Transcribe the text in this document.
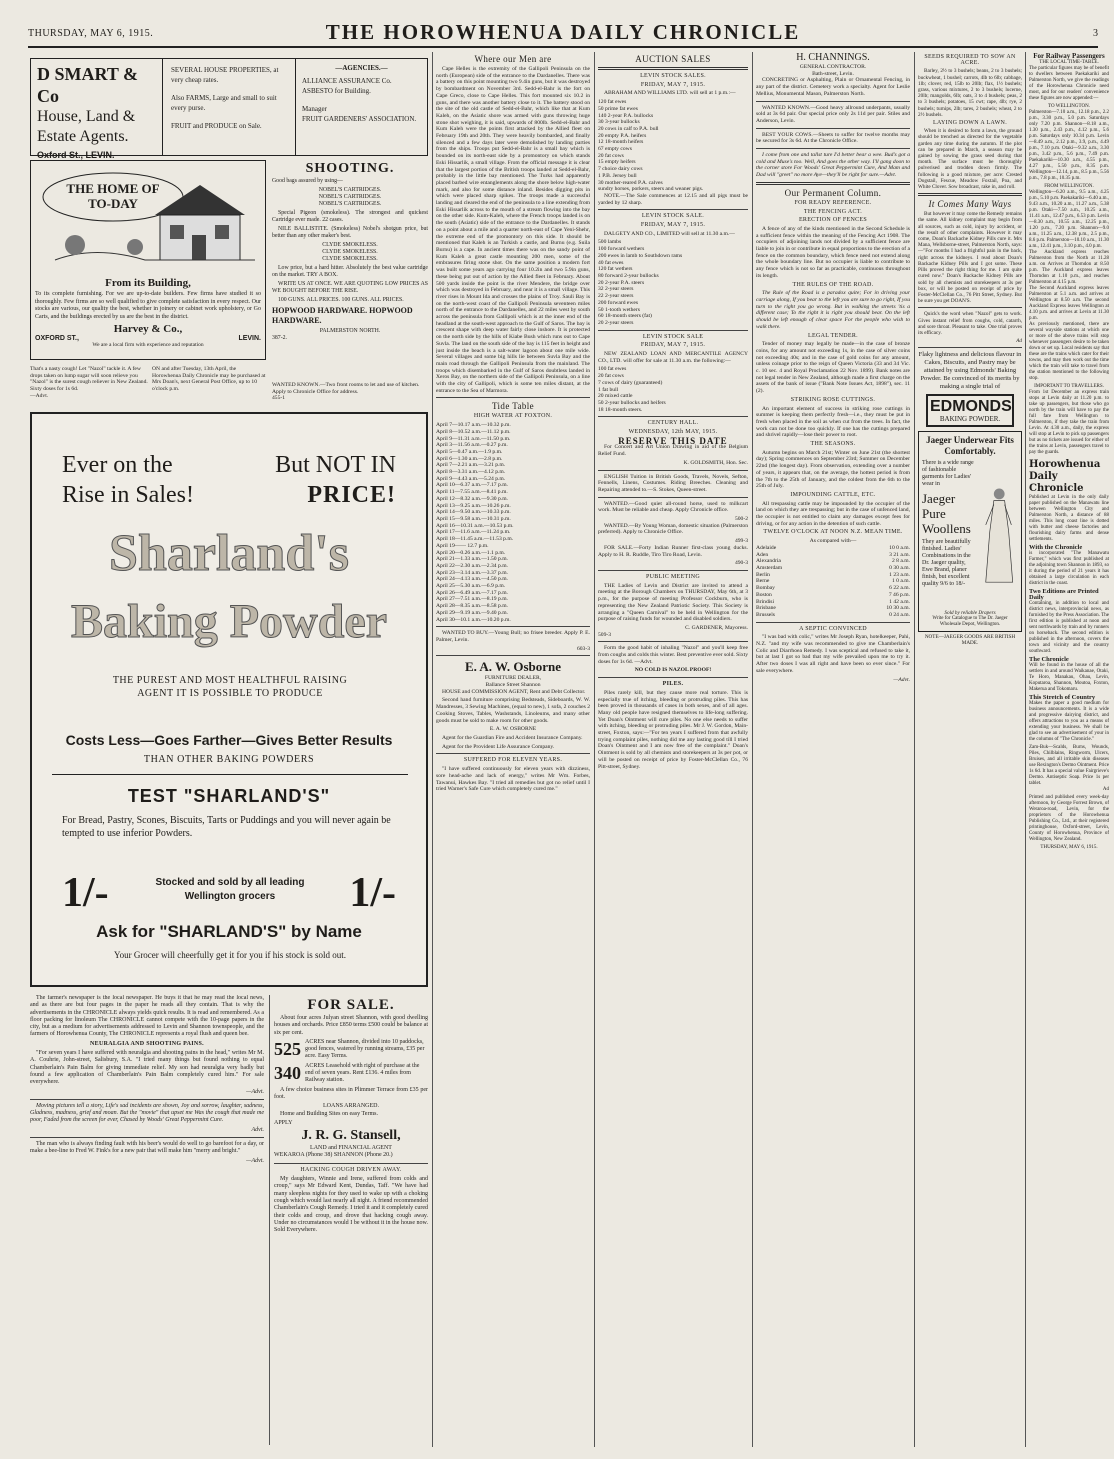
THURSDAY, MAY 6, 1915.	THE HOROWHENUA DAILY CHRONICLE	3
D SMART & Co
House, Land &
Estate Agents.
Oxford St., LEVIN.
SEVERAL HOUSE PROPERTIES, at very cheap rates.
Also FARMS, Large and small to suit every purse.
FRUIT and PRODUCE on Sale.
—AGENCIES.—
ALLIANCE ASSURANCE Co.
ASBESTO for Building.
Manager
FRUIT GARDENERS' ASSOCIATION.
THE HOME OF TO-DAY
From its Building,
To its complete furnishing. For we are up-to-date builders. Few firms have studied it so thoroughly. Few firms are so well qualified to give complete satisfaction in every respect. Our stocks are various, our quality the best, whether in joinery or cabinet work upholstery, or Go Carts, and the buildings erected by us are the best in the district.
Harvey & Co.,
OXFORD ST.,	LEVIN.
We are a local firm with experience and reputation
SHOOTING.
Good bags assured by using—
NOBEL'S CARTRIDGES.
NOBEL'S CARTRIDGES.
NOBEL'S CARTRIDGES.
Special Pigeon (smokeless). The strongest and quickest Cartridge ever made. 22 cases.
NILE BALLISTITE. (Smokeless) Nobel's shotgun price, but better than any other maker's best.
CLYDE SMOKELESS.
CLYDE SMOKELESS.
CLYDE SMOKELESS.
Low price, but a hard hitter. Absolutely the best value cartridge on the market. TRY A BOX.
WRITE US AT ONCE. WE ARE QUOTING LOW PRICES AS WE BOUGHT BEFORE THE RISE.
100 GUNS. ALL PRICES. 100 GUNS. ALL PRICES.
HOPWOOD HARDWARE. HOPWOOD HARDWARE.
PALMERSTON NORTH.
387-2.
That's a nasty cough! Let "Nazol" tackle it. A few drops taken on lump sugar will soon relieve you "Nazol" is the surest cough reliever in New Zealand. Sixty doses for 1s 6d.
—Advt.
ON and after Tuesday, 13th April, the Horowhenua Daily Chronicle may be purchased at Mrs Doan's, next General Post Office, up to 10 o'clock p.m.
WANTED KNOWN.—Two front rooms to let and use of kitchen. Apply to Chronicle Office for address.
455-1
Ever on the
Rise in Sales!
But NOT IN
PRICE!
Sharland's
Baking Powder
THE PUREST AND MOST HEALTHFUL RAISING AGENT IT IS POSSIBLE TO PRODUCE
Costs Less—Goes Farther—Gives Better Results
THAN OTHER BAKING POWDERS
TEST "SHARLAND'S"
For Bread, Pastry, Scones, Biscuits, Tarts or Puddings and you will never again be tempted to use inferior Powders.
1/-	1/-
Stocked and sold by all leading Wellington grocers
Ask for "SHARLAND'S" by Name
Your Grocer will cheerfully get it for you if his stock is sold out.
The farmer's newspaper is the local newspaper. He buys it that he may read the local news, and as there are but four pages in the paper he reads all they contain. That is why the advertisements in the CHRONICLE always yields quick results. It is read and remembered. As a floor packing for linoleum The CHRONICLE cannot compete with the 10-page papers in the city, but as a medium for advertisements addressed to Levin and Shannon townspeople, and the farmers of Horowhenua County, The CHRONICLE represents a royal flush and queen bee.
NEURALGIA AND SHOOTING PAINS.
"For seven years I have suffered with neuralgia and shooting pains in the head," writes Mr M. A. Couhrie, John-street, Salisbury, S.A. "I tried many things but found nothing to equal Chamberlain's Pain Balm for giving immediate relief. My son had neuralgia very badly but found a few application of Chamberlain's Pain Balm completely cured him." For sale everywhere.
—Advt.
Moving pictures tell a story, Life's sad incidents are shown, Joy and sorrow, laughter, sadness, Gladness, madness, grief and moan. But the "movie" that upset me Was the cough that made me poor, Faded from the screen for ever, Chased by Woods' Great Peppermint Cure.
Advt.
The man who is always finding fault with his beer's would do well to go barefoot for a day, or make a bee-line to Fred W. Fink's for a new pair that will make him "merry and bright."
—Advt.
FOR SALE.
About four acres Julyan street Shannon, with good dwelling houses and orchards. Price £850 terms £500 could be balance at six per cent.
525 ACRES near Shannon, divided into 10 paddocks, good fences, watered by running streams, £35 per acre. Easy Terms.
340 ACRES Leasehold with right of purchase at the end of seven years. Rent £136. 4 miles from Railway station.
A few choice business sites in Plimmer Terrace from £35 per foot.
LOANS ARRANGED.
Home and Building Sites on easy Terms.
APPLY
J. R. G. Stansell,
LAND and FINANCIAL AGENT
WEKAROA (Phone 38) SHANNON (Phone 20.)
HACKING COUGH DRIVEN AWAY.
My daughters, Winnie and Irene, suffered from colds and croup," says Mr Edward Kent, Dundas, Taff. "We have had many sleepless nights for they used to wake up with a choking cough which would last nearly all night. A friend recommended Chamberlain's Cough Remedy. I tried it and it completely cured their colds and croup, and drove that hacking cough away. Under no circumstances would I be without it in the house now. Sold Everywhere.
Where our Men are
Cape Helles is the extremity of the Gallipoli Peninsula on the north (European) side of the entrance to the Dardanelles. There was a battery on this point mounting two 9.4in guns, but it was destroyed by bombardment on November 3rd. Sedd-el-Bahr is the fort on Cape Greco, close to Cape Helles. This fort mounted six 10.2 in guns, and there was another battery close to it. The battery stood on the site of the old castle of Sedd-el-Bahr, which like that at Kum Kaleh, on the Asiatic shore was armed with guns throwing huge stone shot weighing, it is said, upwards of 800lb. Sedd-el-Bahr and Kum Kaleh were the points first attacked by the Allied fleet on February 19th and 20th. They were heavily bombarded, and finally silenced and a few days later were demolished by landing parties from the ships. Troops put Sedd-el-Bahr is a small bay which is bounded on its north-east side by a promontory on which stands Eski Hissarlik, a small village. From the official message it is clear that the largest portion of the British troops landed at Sedd-el-Bahr, probably in the little bay mentioned. The Turks had apparently placed barbed wire entanglements along the shore below high-water mark, and also for some distance inland. Besides digging pits in which were placed sharp spikes. The troops made a successful landing and cleared the end of the peninsula to a line extending from Eski Hissarlik across to the mouth of a stream flowing into the bay on the other side. Kum-Kaleh, where the French troops landed is on the south (Asiatic) side of the entrance to the Dardanelles. It stands on a point about a mile and a quarter north-east of Cape Yeni-Shehr, the extreme end of the promontory on this side. It should be mentioned that Kaleh is an Turkish a castle, and Burnu (e.g. Suila Burnu) is a cape. In ancient times there was on the sandy point of Kum Kaleh a great castle mounting 200 men, some of the embrasures firing stone shot. On the same position a modern fort was built some years ago carrying four 10.2in and two 5.9in guns, these being put out of action by the Allied fleet in February. About 500 yards inside the point is the river Mendere, the bridge over which was destroyed in February, and near it is a small village. This river rises in Mount Ida and crosses the plains of Troy. Sauli Bay is on the north-west coast of the Gallipoli Peninsula seventeen miles north of the entrance to the Dardanelles, and 22 miles west by south across the peninsula from Gallipoli which is at the inner end of the headland at the south-west approach to the Gulf of Saros. The bay is crescent shape with deep water fairly close inshore. It is protected on the north side by the hills of Kiabe Bush which runs out to Cape Suvla. The land on the south side of the bay is 115 feet in height and just inside the beach is a salt-water lagoon about one mile wide. Several villages and some big hills lie between Suvla Bay and the main road through the Gallipoli Peninsula from the mainland. The troops which disembarked in the Gulf of Saros doubtless landed in Xeros Bay, on the northern side of the Gallipoli Peninsula, on a line with the city of Gallipoli, which is some ten miles distant, at the entrance to the Sea of Marmora.
Tide Table
HIGH WATER AT FOXTON.
April 7—10.17 a.m.—10.32 p.m.
April 8—10.52 a.m.—11.12 p.m.
April 9—11.31 a.m.—11.50 p.m.
April 3—11.56 a.m.—0.27 p.m.
April 5—0.47 a.m.—1.9 p.m.
April 6—1.30 a.m.—2.8 p.m.
April 7—2.21 a.m.—3.21 p.m.
April 8—3.31 a.m.—4.12 p.m.
April 9—4.43 a.m.—5.24 p.m.
April 10—6.37 a.m.—7.17 p.m.
April 11—7.55 a.m.—8.41 p.m.
April 12—8.32 a.m.—9.30 p.m.
April 13—9.25 a.m.—10.26 p.m.
April 14—9.50 a.m.—10.33 p.m.
April 15—9.58 a.m.—10.31 p.m.
April 16—10.31 a.m.—10.53 p.m.
April 17—11.6 a.m.—11.24 p.m.
April 18—11.45 a.m.—11.53 p.m.
April 19—— 12.7 p.m.
April 20—0.26 a.m.—1.1 p.m.
April 21—1.33 a.m.—1.50 p.m.
April 22—2.30 a.m.—2.34 p.m.
April 23—3.14 a.m.—3.37 p.m.
April 24—4.13 a.m.—4.50 p.m.
April 25—5.30 a.m.—6.9 p.m.
April 26—6.49 a.m.—7.17 p.m.
April 27—7.51 a.m.—8.19 p.m.
April 28—8.35 a.m.—8.58 p.m.
April 29—9.19 a.m.—9.40 p.m.
April 30—10.1 a.m.—10.20 p.m.
WANTED TO BUY.—Young Bull; no frisee breeder. Apply P. E. Palmer, Levin.
603-3
E. A. W. Osborne
FURNITURE DEALER,
Ballance Street Shannon
HOUSE and COMMISSION AGENT, Rent and Debt Collector.
Second hand furniture comprising Bedsteads, Sideboards, W. W. Mandresses, 3 Sewing Machines, (equal to new), 1 sofa, 2 couches 2 Cooking Stoves, Tables, Washstands, Linoleums, and many other goods must be sold to make room for other goods.
E. A. W. OSBORNE
Agent for the Guardian Fire and Accident Insurance Company.
Agent for the Provident Life Assurance Company.
SUFFERED FOR ELEVEN YEARS.
"I have suffered continuously for eleven years with dizziness, sore head-ache and lack of energy," writes Mr Wm. Forbes, Tawanui, Hawkes Bay. "I tried all remedies but got no relief until I tried Warner's Safe Cure which completely cured me."
AUCTION SALES
LEVIN STOCK SALES.
FRIDAY, MAY 7, 1915.
ABRAHAM AND WILLIAMS LTD. will sell at 1 p.m.:—
120 fat ewes
50 prime fat ewes
140 2-year P.A. bullocks
30 3-year bullocks
20 cows in calf to P.A. bull
20 empty P.A. heifers
12 18-month heifers
67 empty cows
20 fat cows
15 empty heifers
7 choice dairy cows
1 P.B. Jersey bull
30 mother-reared P.A. calves
sundry horses, porkers, steers and weaner pigs.
NOTE.—The Sale commences at 12.15 and all pigs must be yarded by 12 sharp.
LEVIN STOCK SALE.
FRIDAY, MAY 7, 1915.
DALGETY AND CO., LIMITED will sell at 11.30 a.m.—
500 lambs
100 forward wethers
200 ewes in lamb to Southdown rams
40 fat ewes
120 fat wethers
80 forward 2-year bullocks
20 2-year P.A. steers
32 2-year steers
22 2-year steers
200 forward ewes
50 1-tooth wethers
60 18-month steers (fat)
20 2-year steers
LEVIN STOCK SALE
FRIDAY, MAY 7, 1915.
NEW ZEALAND LOAN AND MERCANTILE AGENCY CO., LTD. will offer for sale at 11.30 a.m. the following:—
100 fat ewes
20 fat cows
7 cows of dairy (guaranteed)
1 fat bull
20 mixed cattle
50 2-year bullocks and heifers
18 18-month steers.
CENTURY HALL.
WEDNESDAY, 12th MAY, 1915.
RESERVE THIS DATE
For Concert and Art Union Drawing in aid of the Belgium Relief Fund.
K. GOLDSMITH, Hon. Sec.
ENGLISH Tuition in British Goods, Travels, Novels, Sefton, Fennells, Linens, Costumes. Riding Breeches. Cleaning and Repairing attended to.—S. Stokes, Queen-street.
WANTED.—Good quiet all-round horse, used to milkcart work. Must be reliable and cheap. Apply Chronicle office.
500-2
WANTED.—By Young Woman, domestic situation (Palmerston preferred). Apply to Chronicle Office.
499-3
FOR SALE.—Forty Indian Runner first-class young ducks. Apply to H. R. Ruddle, Tiro Tiro Road, Levin.
490-3
PUBLIC MEETING
THE Ladies of Levin and District are invited to attend a meeting at the Borough Chambers on THURSDAY, May 6th, at 3 p.m., for the purpose of meeting Professor Cockburn, who is representing the New Zealand Patriotic Society. This Society is arranging a "Queen Carnival" to be held in Wellington for the purpose of raising funds for wounded and disabled soldiers.
C. GARDENER, Mayoress.
509-3
Form the good habit of inhaling "Nazol" and you'll keep free from coughs and colds this winter. Best preventive ever sold. Sixty doses for 1s 6d. —Advt.
NO COLD IS NAZOL PROOF!
PILES.
Piles rarely kill, but they cause more real torture. This is especially true of itching, bleeding or protruding piles. This has been proved in thousands of cases in both sexes, and of all ages. Many old people have resigned themselves to life-long suffering. Yet Doan's Ointment will cure piles. No one else needs to suffer with itching, bleeding or protruding piles. Mr J. W. Gordon, Main-street, Foxton, says:—"For ten years I suffered from that awfully trying complaint piles, nothing did me any lasting good till I tried Doan's Ointment and I am now free of the complaint." Doan's Ointment is sold by all chemists and storekeepers at 3s per pot, or will be posted on receipt of price by Foster-McClellan Co., 76 Pitt-street, Sydney.
H. CHANNINGS.
GENERAL CONTRACTOR.
Bath-street, Levin.
CONCRETING or Asphalting, Plain or Ornamental Fencing, in any part of the district. Cemetery work a specialty. Agent for Leslie Mellius, Monumental Mason, Palmerston North.
WANTED KNOWN.—Good heavy allround underpants, usually sold at 3s 6d pair. Our special price only 2s 11d per pair. Stiles and Anderson, Levin.
BEST YOUR COWS.—Sheets to suffer for twelve months may be secured for 3s 6d. At the Chronicle Office.
I come from one and tallst ture I'd better bear a wee. Bud's got a cold and Muse's too. Well, And goes the other way. I'll gang doon to the corner store For Woods' Great Peppermint Cure, And Mam and Dad will "greet" no more Aye—they'll be right for sure.—Advt.
Our Permanent Column.
FOR READY REFERENCE.
THE FENCING ACT.
ERECTION OF FENCES
A fence of any of the kinds mentioned in the Second Schedule is a sufficient fence within the meaning of the Fencing Act 1908. The occupiers of adjoining lands not divided by a sufficient fence are liable to join in or contribute in equal proportions to the erection of a fence on the common boundary, which fence need not extend along the whole boundary line. But no occupier is liable to contribute to any fence which is not so far as practicable, continuous throughout its length.
THE RULES OF THE ROAD.
The Rule of the Road is a paradox quite; For in driving your carriage along, If you bear to the left you are sure to go right, If you turn to the right you go wrong. But in walking the streets 'tis a different case; To the right it is right you should bear. On the left should be left enough of clear space For the people who wish to walk there.
LEGAL TENDER.
Tender of money may legally be made—in the case of bronze coins, for any amount not exceeding 1s, in the case of silver coins not exceeding 40s; and in the case of gold coins for any amount, unless coinage prior to the reign of Queen Victoria (33 and 34 Vic. c. 10 sec. 4 and Royal Proclamation 22 Nov. 1899). Bank notes are not legal tender in New Zealand, although made a first charge on the assets of the bank of issue ("Bank Note Issues Act, 1898"), sec. 11 (2).
STRIKING ROSE CUTTINGS.
An important element of success in striking rose cuttings in summer is keeping them perfectly fresh—i.e., they must be put in fresh when placed in the soil as when cut from the trees. In fact, the work can not be done too quickly. If one has the cuttings prepared and shrivel rapidly—lose their power to root.
THE SEASONS.
Autumn begins on March 21st; Winter on June 21st (the shortest day); Spring commences on September 23rd; Summer on December 22nd (the longest day). From observation, extending over a number of years, it appears that, on the average, the hottest period is from the 7th to the 25th of January, and the coldest from the 6th to the 25th of July.
IMPOUNDING CATTLE, ETC.
All trespassing cattle may be impounded by the occupier of the land on which they are trespassing; but in the case of unfenced land, the occupier is not entitled to claim any damages except fees for driving, or for any action in the detention of such cattle.
TWELVE O'CLOCK AT NOON N.Z. MEAN TIME.
As compared with—
Adelaide	10 0 a.m.
Aden	3 21 a.m.
Alexandria	2 8 a.m.
Amsterdam	0 30 a.m.
Berlin	1 23 a.m.
Berne	1 0 a.m.
Bombay	6 22 a.m.
Boston	7 46 p.m.
Brindisi	1 42 a.m.
Brisbane	10 30 a.m.
Brussels	0 24 a.m.
A SEPTIC CONVINCED
"I was bad with colic," writes Mr Joseph Ryan, hotelkeeper, Pahi, N.Z. "and my wife was recommended to give me Chamberlain's Colic and Diarrhoea Remedy. I was sceptical and refused to take it, but at last I got so bad that my wife prevailed upon me to try it. After two doses I was all right and have been so ever since." For sale everywhere.
—Advt.
SEEDS REQUIRED TO SOW AN ACRE.
Barley, 2½ to 3 bushels; beans, 2 to 3 bushels; buckwheat, 1 bushel; carrots, 4lb to 6lb; cabbage, 1lb; clover, red, 15lb to 20lb; flax, 1½ bushels; grass, various mixtures, 2 to 3 bushels; lucerne, 20lb; mangolds, 6lb; oats, 3 to 4 bushels; peas, 2 to 3 bushels; potatoes, 15 cwt; rape, 4lb; rye, 2 bushels; turnips, 2lb; tares, 2 bushels; wheat, 2 to 2½ bushels.
LAYING DOWN A LAWN.
When it is desired to form a lawn, the ground should be trenched as directed for the vegetable garden any time during the autumn. If the plot can be prepared in March, a season may be gained by sowing the grass seed during that month. The surface must be thoroughly pulverised and trodden down firmly. The following is a good mixture, per acre: Crested Dogstail, Fescue, Meadow Foxtail, Poa, and White Clover. Sow broadcast, rake in, and roll.
It Comes Many Ways
But however it may come the Remedy remains the same. All kidney complaint may begin from all sources, such as cold, injury by accident, or the result of other complaints. However it may come, Doan's Backache Kidney Pills cure it. Mrs Mana, Wellsborne-street, Palmerston North, says:—"For months I had a frightful pain in the back, right across the kidneys. I read about Doan's Backache Kidney Pills and I got some. These Pills proved the right thing for me. I am quite cured now." Doan's Backache Kidney Pills are sold by all chemists and storekeepers at 3s per box, or will be posted on receipt of price by Foster-McClellan Co., 76 Pitt Street, Sydney. But be sure you get DOAN'S.
Quick's the word when "Nazol" gets to work. Gives instant relief from coughs, cold, catarrh, and sore throat. Pleasant to take. One trial proves its efficacy.
Ad
Flaky lightness and delicious flavour in Cakes, Biscuits, and Pastry may be attained by using Edmonds' Baking Powder. Be convinced of its merits by making a single trial of
EDMONDS
BAKING POWDER.
Jaeger Underwear Fits Comfortably.
There is a wide range of fashionable garments for Ladies' wear in
Jaeger Pure Woollens
They are beautifully finished. Ladies' Combinations in the Dr. Jaeger quality, Ewe Brand, planer finish, but excellent quality 9/6 to 18/-
Sold by reliable Drapers
Write for Catalogue to The Dr. Jaeger Wholesale Depot, Wellington.
NOTE—JAEGER GOODS ARE BRITISH MADE.
For Railway Passengers
THE LOCAL TIME-TABLE.
The particular figures may be of benefit to dwellers between Paekakariki and Palmerston North, we give the readings of the Horowhenua Chronicle need most, and for our readers' convenience these figures are now appended:—
TO WELLINGTON.
Palmerston—7.10 a.m., 12.18 p.m., 2.2 p.m., 3.30 p.m., 5.0 p.m. Saturdays only 7.20 p.m. Shannon—8.18 a.m., 1.30 p.m., 2.43 p.m., 4.12 p.m., 5.6 p.m. Saturdays only 10.34 p.m. Levin—8.49 a.m., 2.12 p.m., 3.9, p.m., 4.49 p.m., 7.10 p.m. Otaki—9.32 a.m., 3.30 p.m., 3.42 p.m., 5.6 p.m., 7.49 p.m. Paekakariki—10.30 a.m., 4.55 p.m., 4.27 p.m., 5.50 p.m., 8.35 p.m. Wellington—12.14, p.m., 8.5 p.m., 5.56 p.m., 7.8 p.m., 10.35 p.m.
FROM WELLINGTON.
Wellington—6.20 a.m., 9.5 a.m., 4.25 p.m., 5.10 p.m. Paekakariki—6.40 a.m., 9.43 a.m., 10.20 a.m., 11.27 a.m., 5.38 p.m. Otaki—7.50 a.m., 10.25 a.m., 11.41 a.m., 12.47 p.m., 6.53 p.m. Levin—8.30 a.m., 10.55 a.m., 12.25 p.m., 1.20 p.m., 7.20 p.m. Shannon—9.0 a.m., 11.25 a.m., 12.38 p.m., 2.5 p.m., 8.6 p.m. Palmerston—10.10 a.m., 11.30 a.m., 12.41 p.m., 3.10 p.m., 4.0 p.m.
The Auckland express reaches Palmerston from the North at 11.28 a.m. on Arrives at Thorndon at 8.50 p.m. The Auckland express leaves Thorndon at 1.10 p.m., and reaches Palmerston at 4.15 p.m.
The Second Auckland express leaves Palmerston at 5.1 a.m. and arrives at Wellington at 8.50 a.m. The second Auckland Express leaves Wellington at 4.10 p.m. and arrives at Levin at 11.30 p.m.
As previously mentioned, there are several wayside stations at which one or more of the above trains will stop whenever passengers desire to be taken down or set up. Local residents say that these are the trains which cater for their towns, and may then work out the time which the train will take to travel from the station mentioned to the following stop.
IMPORTANT TO TRAVELLERS.
From 1st December an express train stops at Levin daily at 11.20 p.m. to take up passengers, but those who go north by the train will have to pay the full fare from Wellington to Palmerston, if they take the train from Levin. At 4.30 a.m., daily, the express will stop at Levin to pick up passengers but as no tickets are issued for either of the trains at Levin, passengers travel to pay the guards.
Horowhenua
Daily
Chronicle
Published at Levin in the only daily paper published on the Manawatu line between Wellington City and Palmerston North, a distance of 88 miles. This long coast line is dotted with butter and cheese factories and flourishing dairy farms and dense settlements.
With the Chronicle
is incorporated "The Manawatu Farmer," which was first published at the adjoining town Shannon in 1893, so it during the period of 21 years it has obtained a large circulation in each district in the coast.
Two Editions are Printed Daily
Containing, in addition to local and district news, interprovincial news, as furnished by the Press Association. The first edition is published at noon and sent northwards by train and by runners on horseback. The second edition is published in the afternoon, covers the town and vicinity and the country southward.
The Chronicle
Will be found in the house of all the settlers in and around Waikanae, Otaki, Te Horo, Manakau, Ohau, Levin, Koputaroa, Shannon, Moutoa, Foxton, Makerua and Tokomaru.
This Stretch of Country
Makes the paper a good medium for business announcements. It is a wide and progressive dairying district, and offers attractions to you as a means of extending your business. We shall be glad to see an advertisement of your in the columns of "The Chronicle."
Zam-Buk—Scalds, Burns, Wounds, Piles, Chilblains, Ringworm, Ulcers, Bruises, and all irritable skin diseases use Rexington's Dermo Ointment. Price 1s 6d. It has a special value Fairgrieve's Dermo. Antiseptic Soap. Price 1s per tablet.
Ad
Printed and published every week-day afternoon, by George Forrest Brown, of Weraroa-road, Levin, for the proprietors of the Horowhenua Publishing Co., Ltd., at their registered printinghouse, Oxford-street, Levin, County of Horowhenua, Province of Wellington, New Zealand.
THURSDAY, MAY 6, 1915.
